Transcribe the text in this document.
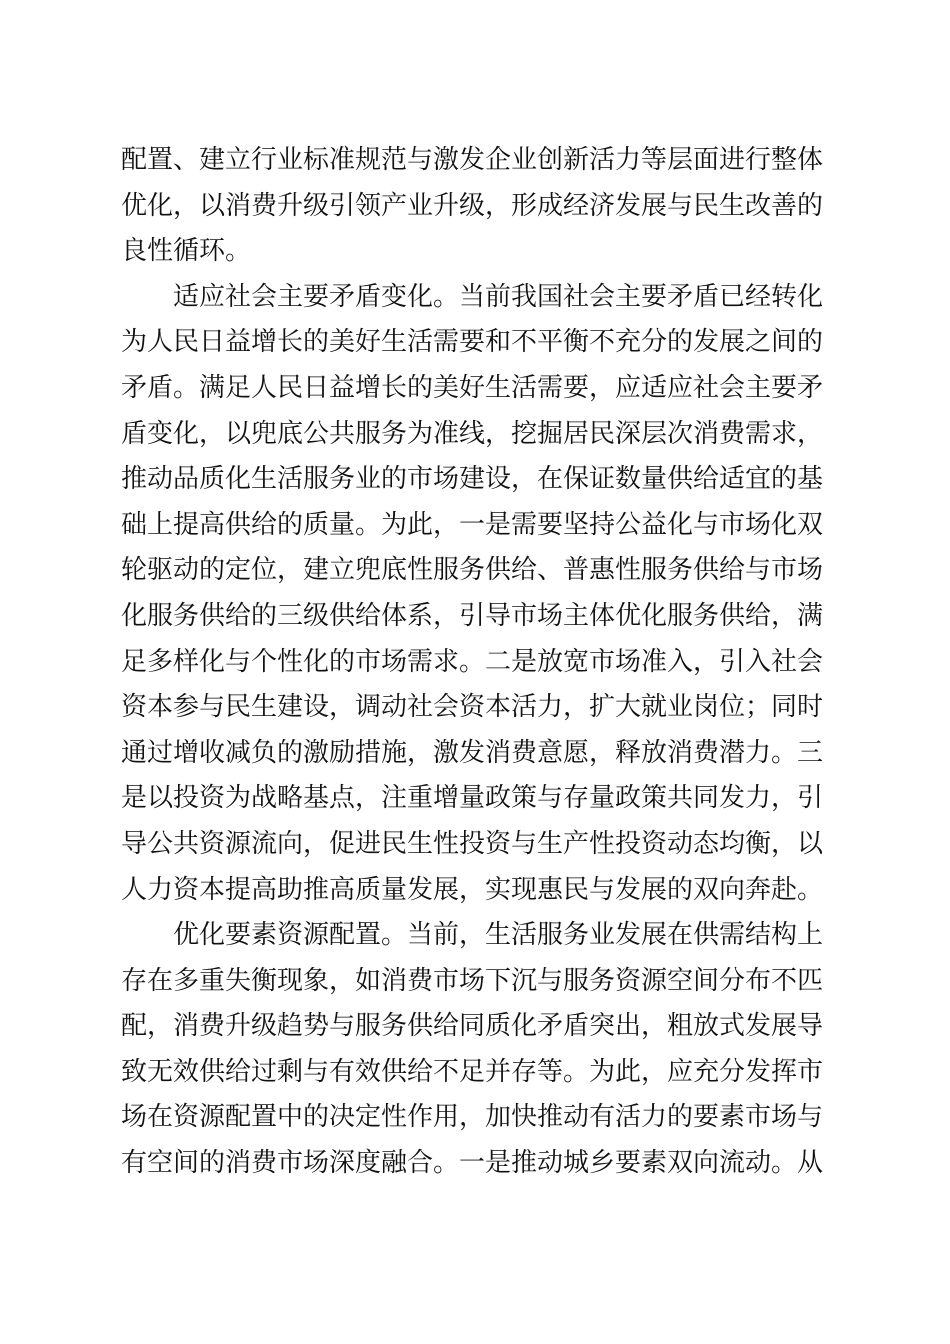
配置、建立行业标准规范与激发企业创新活力等层面进行整体
优化，以消费升级引领产业升级，形成经济发展与民生改善的
良性循环。
适应社会主要矛盾变化。当前我国社会主要矛盾已经转化
为人民日益增长的美好生活需要和不平衡不充分的发展之间的
矛盾。满足人民日益增长的美好生活需要，应适应社会主要矛
盾变化，以兜底公共服务为准线，挖掘居民深层次消费需求，
推动品质化生活服务业的市场建设，在保证数量供给适宜的基
础上提高供给的质量。为此，一是需要坚持公益化与市场化双
轮驱动的定位，建立兜底性服务供给、普惠性服务供给与市场
化服务供给的三级供给体系，引导市场主体优化服务供给，满
足多样化与个性化的市场需求。二是放宽市场准入，引入社会
资本参与民生建设，调动社会资本活力，扩大就业岗位；同时
通过增收减负的激励措施，激发消费意愿，释放消费潜力。三
是以投资为战略基点，注重增量政策与存量政策共同发力，引
导公共资源流向，促进民生性投资与生产性投资动态均衡，以
人力资本提高助推高质量发展，实现惠民与发展的双向奔赴。
优化要素资源配置。当前，生活服务业发展在供需结构上
存在多重失衡现象，如消费市场下沉与服务资源空间分布不匹
配，消费升级趋势与服务供给同质化矛盾突出，粗放式发展导
致无效供给过剩与有效供给不足并存等。为此，应充分发挥市
场在资源配置中的决定性作用，加快推动有活力的要素市场与
有空间的消费市场深度融合。一是推动城乡要素双向流动。从
